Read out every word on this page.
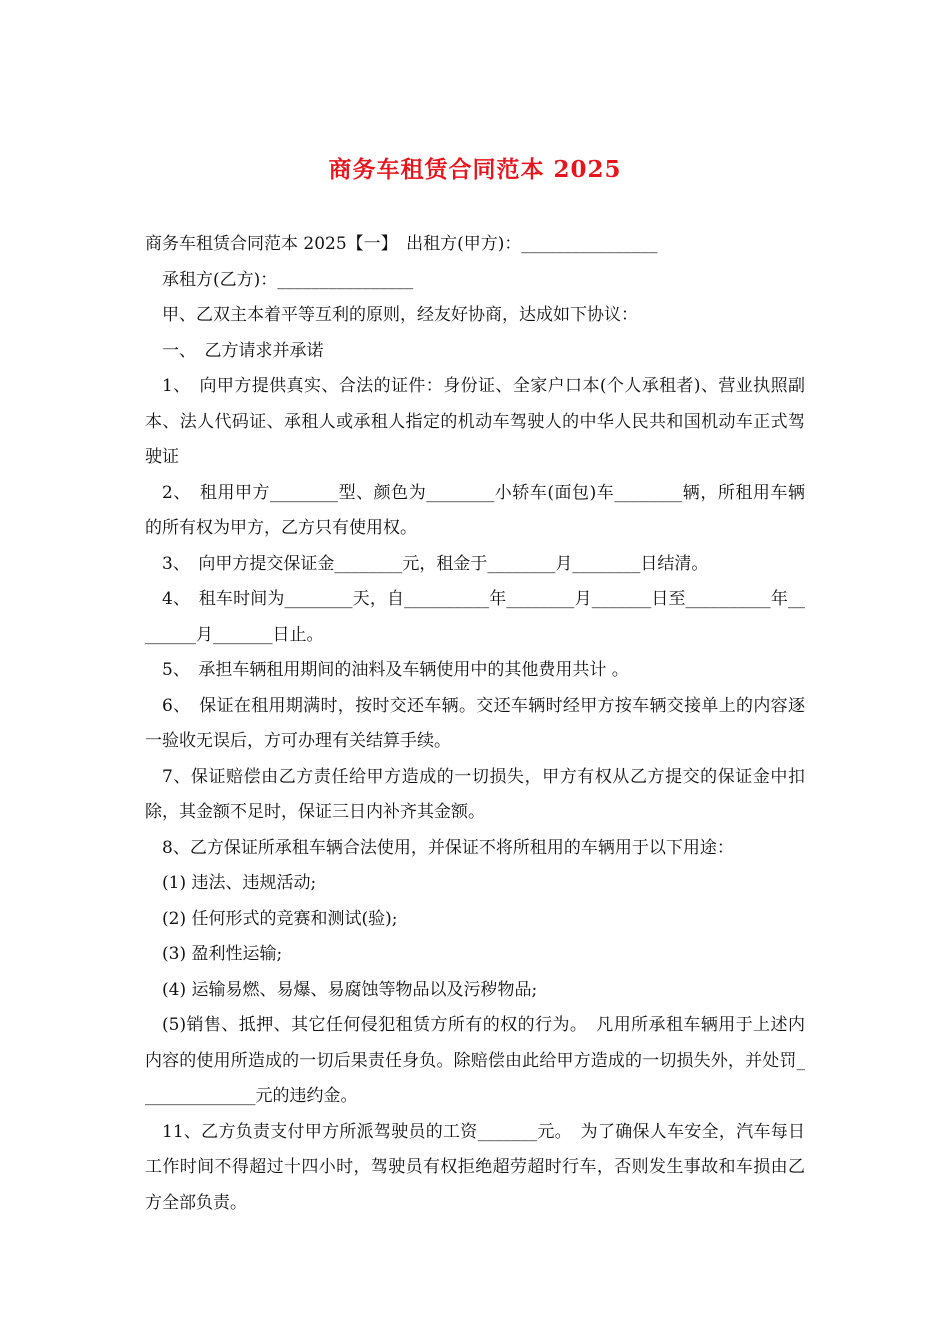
商务车租赁合同范本 2025

商务车租赁合同范本 2025【一】　出租方(甲方)：________________

承租方(乙方)：________________

甲、乙双主本着平等互利的原则，经友好协商，达成如下协议：

一、　乙方请求并承诺

1、　向甲方提供真实、合法的证件：身份证、全家户口本(个人承租者)、营业执照副本、法人代码证、承租人或承租人指定的机动车驾驶人的中华人民共和国机动车正式驾驶证

2、　租用甲方________型、颜色为________小轿车(面包)车________辆，所租用车辆的所有权为甲方，乙方只有使用权。

3、　向甲方提交保证金________元，租金于________月________日结清。

4、　租车时间为________天，自__________年________月_______日至__________年________月_______日止。

5、　承担车辆租用期间的油料及车辆使用中的其他费用共计 。

6、　保证在租用期满时，按时交还车辆。交还车辆时经甲方按车辆交接单上的内容逐一验收无误后，方可办理有关结算手续。

7、保证赔偿由乙方责任给甲方造成的一切损失，甲方有权从乙方提交的保证金中扣除，其金额不足时，保证三日内补齐其金额。

8、乙方保证所承租车辆合法使用，并保证不将所租用的车辆用于以下用途：

(1) 违法、违规活动;

(2) 任何形式的竞赛和测试(验);

(3) 盈利性运输;

(4) 运输易燃、易爆、易腐蚀等物品以及污秽物品;

(5)销售、抵押、其它任何侵犯租赁方所有的权的行为。　凡用所承租车辆用于上述内内容的使用所造成的一切后果责任身负。除赔偿由此给甲方造成的一切损失外，并处罚______________元的违约金。

11、乙方负责支付甲方所派驾驶员的工资_______元。　为了确保人车安全，汽车每日工作时间不得超过十四小时，驾驶员有权拒绝超劳超时行车，否则发生事故和车损由乙方全部负责。
